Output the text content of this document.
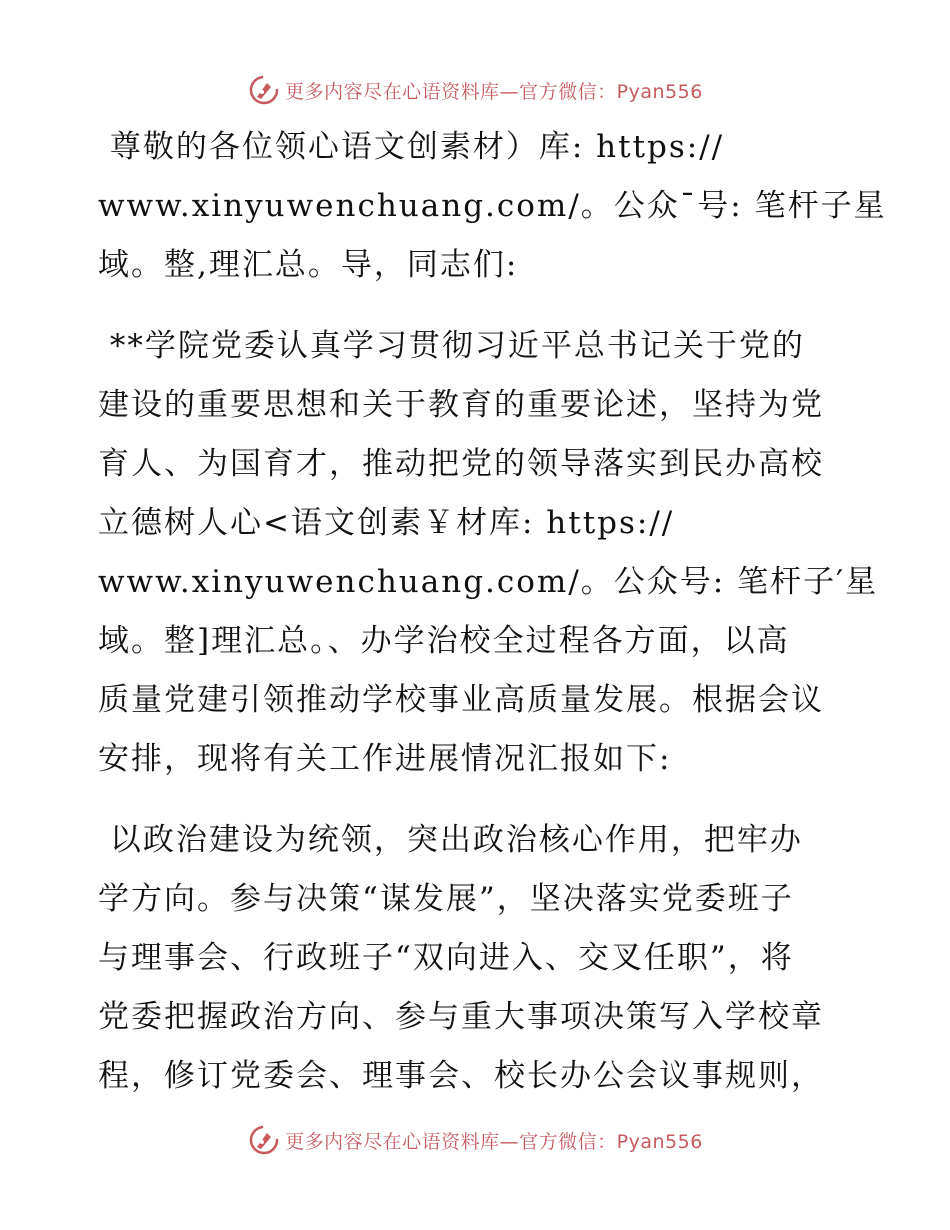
更多内容尽在心语资料库—官方微信：Pyan556

尊敬的各位领心语文创素材）库: https://
www.xinyuwenchuang.com/。公众¯号: 笔杆子星
域。整,理汇总。导，同志们:

**学院党委认真学习贯彻习近平总书记关于党的
建设的重要思想和关于教育的重要论述，坚持为党
育人、为国育才，推动把党的领导落实到民办高校
立德树人心<语文创素￥材库: https://
www.xinyuwenchuang.com/。公众号: 笔杆子′星
域。整]理汇总。、办学治校全过程各方面，以高
质量党建引领推动学校事业高质量发展。根据会议
安排，现将有关工作进展情况汇报如下:

以政治建设为统领，突出政治核心作用，把牢办
学方向。参与决策“谋发展”，坚决落实党委班子
与理事会、行政班子“双向进入、交叉任职”，将
党委把握政治方向、参与重大事项决策写入学校章
程，修订党委会、理事会、校长办公会议事规则，

更多内容尽在心语资料库—官方微信：Pyan556
